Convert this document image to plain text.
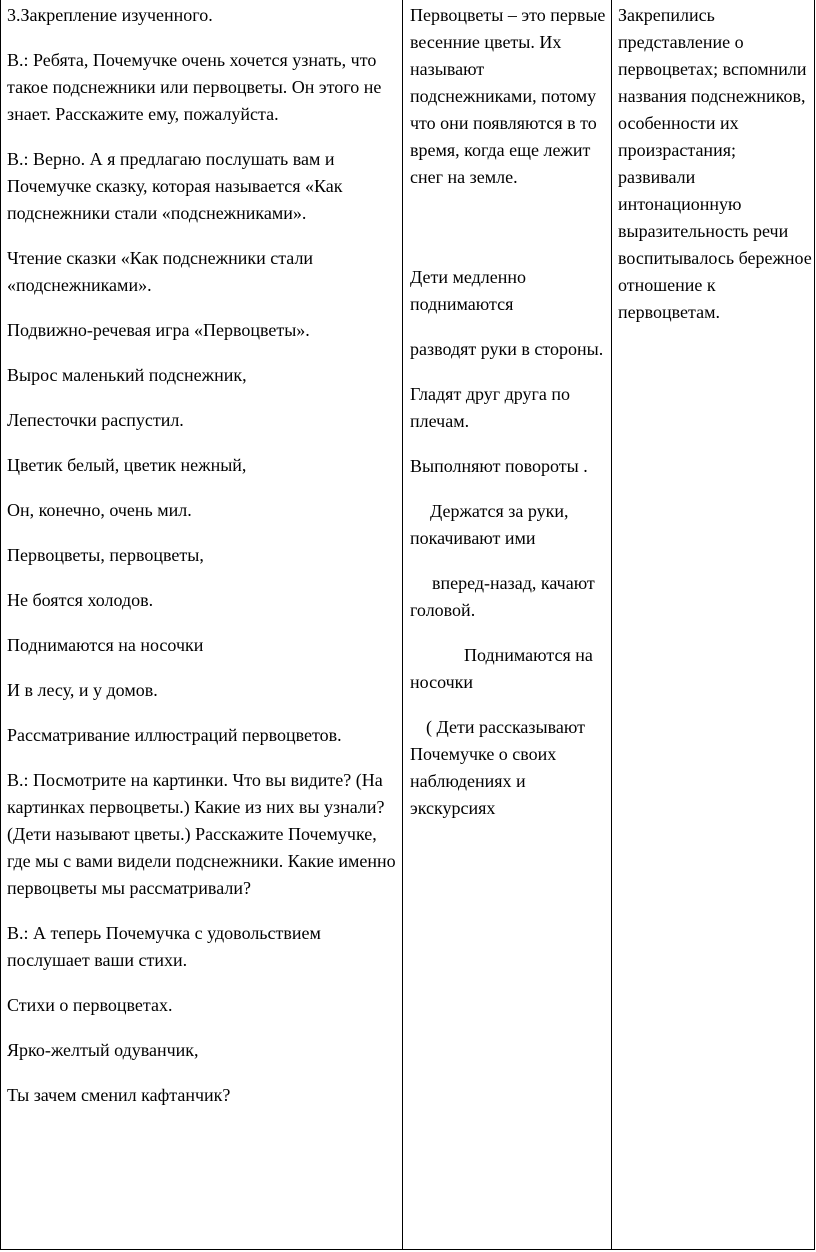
3.Закрепление изученного.

В.: Ребята, Почемучке очень хочется узнать, что такое подснежники или первоцветы. Он этого не знает. Расскажите ему, пожалуйста.

В.: Верно. А я предлагаю послушать вам и Почемучке сказку, которая называется «Как подснежники стали «подснежниками».

Чтение сказки «Как подснежники стали «подснежниками».

Подвижно-речевая игра «Первоцветы».

Вырос маленький подснежник,

Лепесточки распустил.

Цветик белый, цветик нежный,

Он, конечно, очень мил.

Первоцветы, первоцветы,

Не боятся холодов.

Поднимаются на носочки

И в лесу, и у домов.

Рассматривание иллюстраций первоцветов.

В.: Посмотрите на картинки. Что вы видите? (На картинках первоцветы.) Какие из них вы узнали? (Дети называют цветы.) Расскажите Почемучке, где мы с вами видели подснежники. Какие именно первоцветы мы рассматривали?

В.: А теперь Почемучка с удовольствием послушает ваши стихи.

Стихи о первоцветах.

Ярко-желтый одуванчик,

Ты зачем сменил кафтанчик?

Первоцветы – это первые весенние цветы. Их называют подснежниками, потому что они появляются в то время, когда еще лежит снег на земле.

Дети медленно поднимаются

разводят руки в стороны.

Гладят друг друга по плечам.

Выполняют повороты .

Держатся за руки, покачивают ими

вперед-назад, качают головой.

Поднимаются на носочки

( Дети рассказывают Почемучке о своих наблюдениях и экскурсиях

Закрепились представление о первоцветах; вспомнили названия подснежников, особенности их произрастания; развивали интонационную выразительность речи воспитывалось бережное отношение к первоцветам.
